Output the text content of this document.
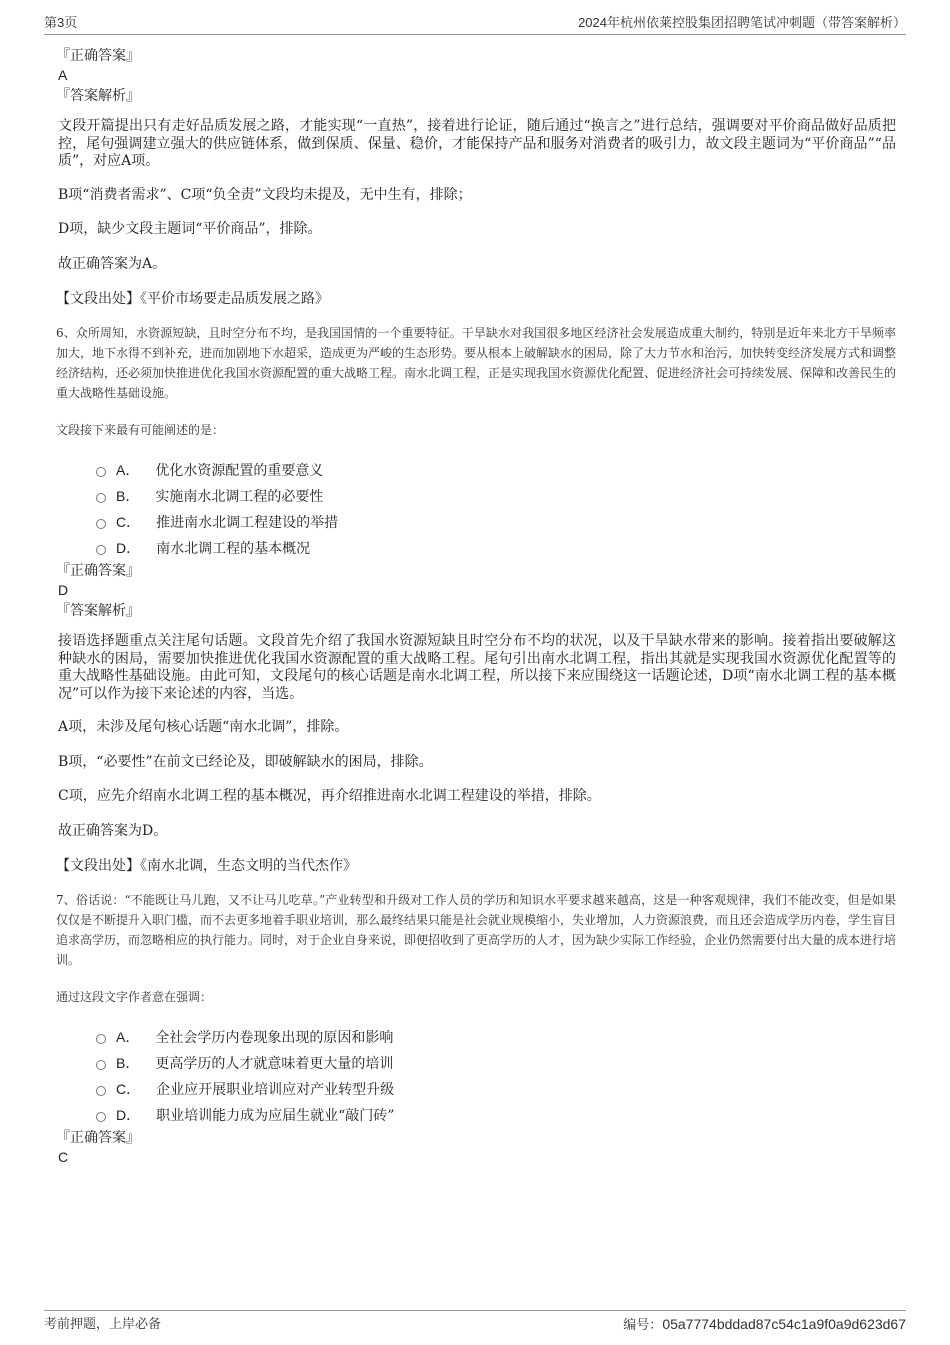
第3页	2024年杭州依莱控股集团招聘笔试冲刺题（带答案解析）

『正确答案』

A

『答案解析』

文段开篇提出只有走好品质发展之路，才能实现“一直热”，接着进行论证，随后通过“换言之”进行总结，强调要对平价商品做好品质把控，尾句强调建立强大的供应链体系，做到保质、保量、稳价，才能保持产品和服务对消费者的吸引力，故文段主题词为“平价商品”“品质”，对应A项。

B项“消费者需求”、C项“负全责”文段均未提及，无中生有，排除；

D项，缺少文段主题词“平价商品”，排除。

故正确答案为A。

【文段出处】《平价市场要走品质发展之路》

6、众所周知，水资源短缺，且时空分布不均，是我国国情的一个重要特征。干旱缺水对我国很多地区经济社会发展造成重大制约，特别是近年来北方干旱频率加大，地下水得不到补充，进而加剧地下水超采，造成更为严峻的生态形势。要从根本上破解缺水的困局，除了大力节水和治污，加快转变经济发展方式和调整经济结构，还必须加快推进优化我国水资源配置的重大战略工程。南水北调工程，正是实现我国水资源优化配置、促进经济社会可持续发展、保障和改善民生的重大战略性基础设施。

文段接下来最有可能阐述的是：

A． 优化水资源配置的重要意义
B． 实施南水北调工程的必要性
C． 推进南水北调工程建设的举措
D． 南水北调工程的基本概况

『正确答案』

D

『答案解析』

接语选择题重点关注尾句话题。文段首先介绍了我国水资源短缺且时空分布不均的状况，以及干旱缺水带来的影响。接着指出要破解这种缺水的困局，需要加快推进优化我国水资源配置的重大战略工程。尾句引出南水北调工程，指出其就是实现我国水资源优化配置等的重大战略性基础设施。由此可知，文段尾句的核心话题是南水北调工程，所以接下来应围绕这一话题论述，D项“南水北调工程的基本概况”可以作为接下来论述的内容，当选。

A项，未涉及尾句核心话题“南水北调”，排除。

B项，“必要性”在前文已经论及，即破解缺水的困局，排除。

C项，应先介绍南水北调工程的基本概况，再介绍推进南水北调工程建设的举措，排除。

故正确答案为D。

【文段出处】《南水北调，生态文明的当代杰作》

7、俗话说：“不能既让马儿跑，又不让马儿吃草。”产业转型和升级对工作人员的学历和知识水平要求越来越高，这是一种客观规律，我们不能改变，但是如果仅仅是不断提升入职门槛，而不去更多地着手职业培训，那么最终结果只能是社会就业规模缩小，失业增加，人力资源浪费，而且还会造成学历内卷，学生盲目追求高学历，而忽略相应的执行能力。同时，对于企业自身来说，即便招收到了更高学历的人才，因为缺少实际工作经验，企业仍然需要付出大量的成本进行培训。

通过这段文字作者意在强调：

A． 全社会学历内卷现象出现的原因和影响
B． 更高学历的人才就意味着更大量的培训
C． 企业应开展职业培训应对产业转型升级
D． 职业培训能力成为应届生就业“敲门砖”

『正确答案』

C

考前押题，上岸必备	编号：05a7774bddad87c54c1a9f0a9d623d67
